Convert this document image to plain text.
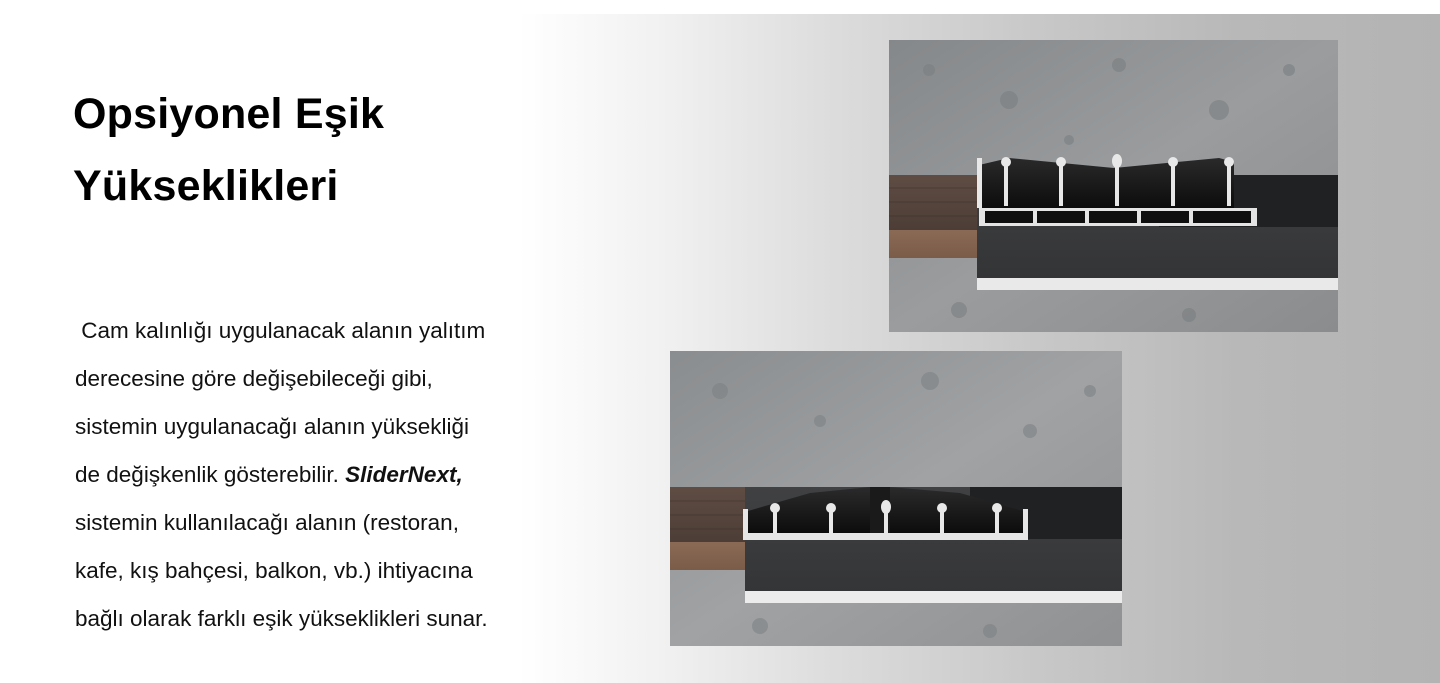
Opsiyonel Eşik
Yükseklikleri
Cam kalınlığı uygulanacak alanın yalıtım
derecesine göre değişebileceği gibi,
sistemin uygulanacağı alanın yüksekliği
de değişkenlik gösterebilir. SliderNext,
sistemin kullanılacağı alanın (restoran,
kafe, kış bahçesi, balkon, vb.) ihtiyacına
bağlı olarak farklı eşik yükseklikleri sunar.
